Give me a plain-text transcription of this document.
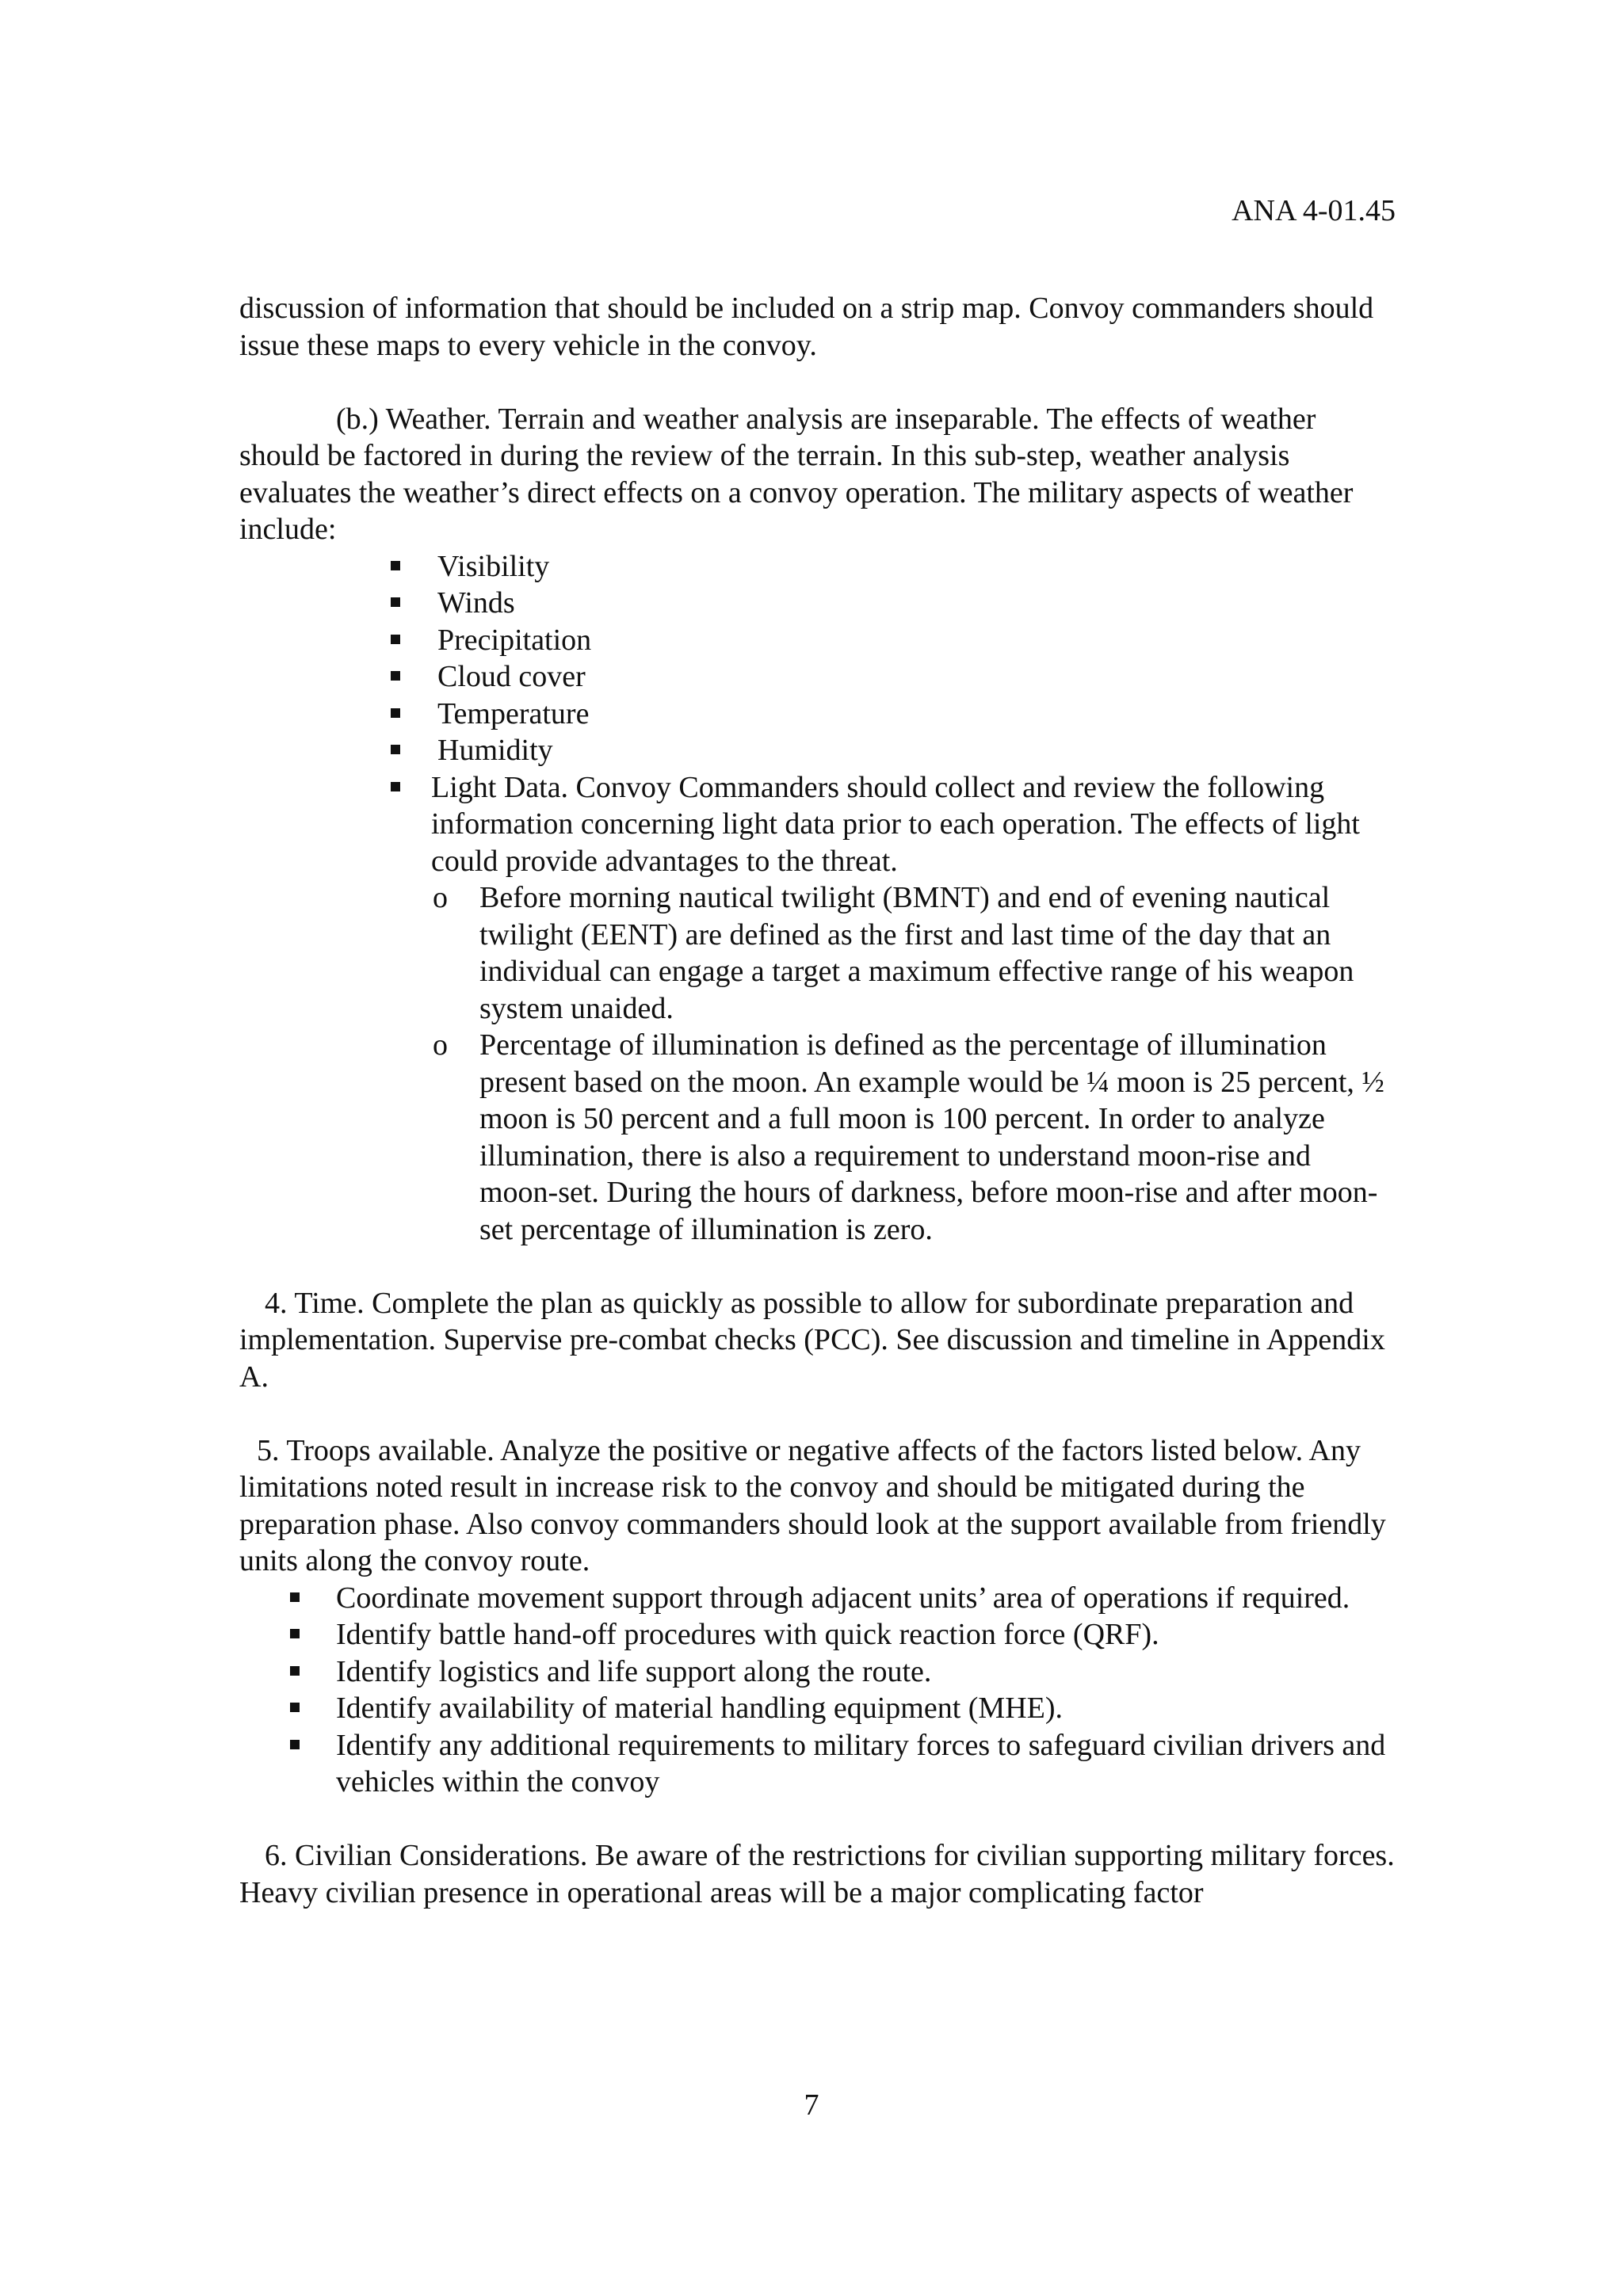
ANA 4-01.45

discussion of information that should be included on a strip map. Convoy commanders should issue these maps to every vehicle in the convoy.

(b.) Weather. Terrain and weather analysis are inseparable. The effects of weather should be factored in during the review of the terrain. In this sub-step, weather analysis evaluates the weather’s direct effects on a convoy operation. The military aspects of weather include:

Visibility
Winds
Precipitation
Cloud cover
Temperature
Humidity
Light Data. Convoy Commanders should collect and review the following information concerning light data prior to each operation. The effects of light could provide advantages to the threat.
o Before morning nautical twilight (BMNT) and end of evening nautical twilight (EENT) are defined as the first and last time of the day that an individual can engage a target a maximum effective range of his weapon system unaided.
o Percentage of illumination is defined as the percentage of illumination present based on the moon. An example would be ¼ moon is 25 percent, ½ moon is 50 percent and a full moon is 100 percent. In order to analyze illumination, there is also a requirement to understand moon-rise and moon-set. During the hours of darkness, before moon-rise and after moon-set percentage of illumination is zero.

4. Time. Complete the plan as quickly as possible to allow for subordinate preparation and implementation. Supervise pre-combat checks (PCC). See discussion and timeline in Appendix A.

5. Troops available. Analyze the positive or negative affects of the factors listed below. Any limitations noted result in increase risk to the convoy and should be mitigated during the preparation phase. Also convoy commanders should look at the support available from friendly units along the convoy route.

Coordinate movement support through adjacent units’ area of operations if required.
Identify battle hand-off procedures with quick reaction force (QRF).
Identify logistics and life support along the route.
Identify availability of material handling equipment (MHE).
Identify any additional requirements to military forces to safeguard civilian drivers and vehicles within the convoy

6. Civilian Considerations. Be aware of the restrictions for civilian supporting military forces. Heavy civilian presence in operational areas will be a major complicating factor

7
